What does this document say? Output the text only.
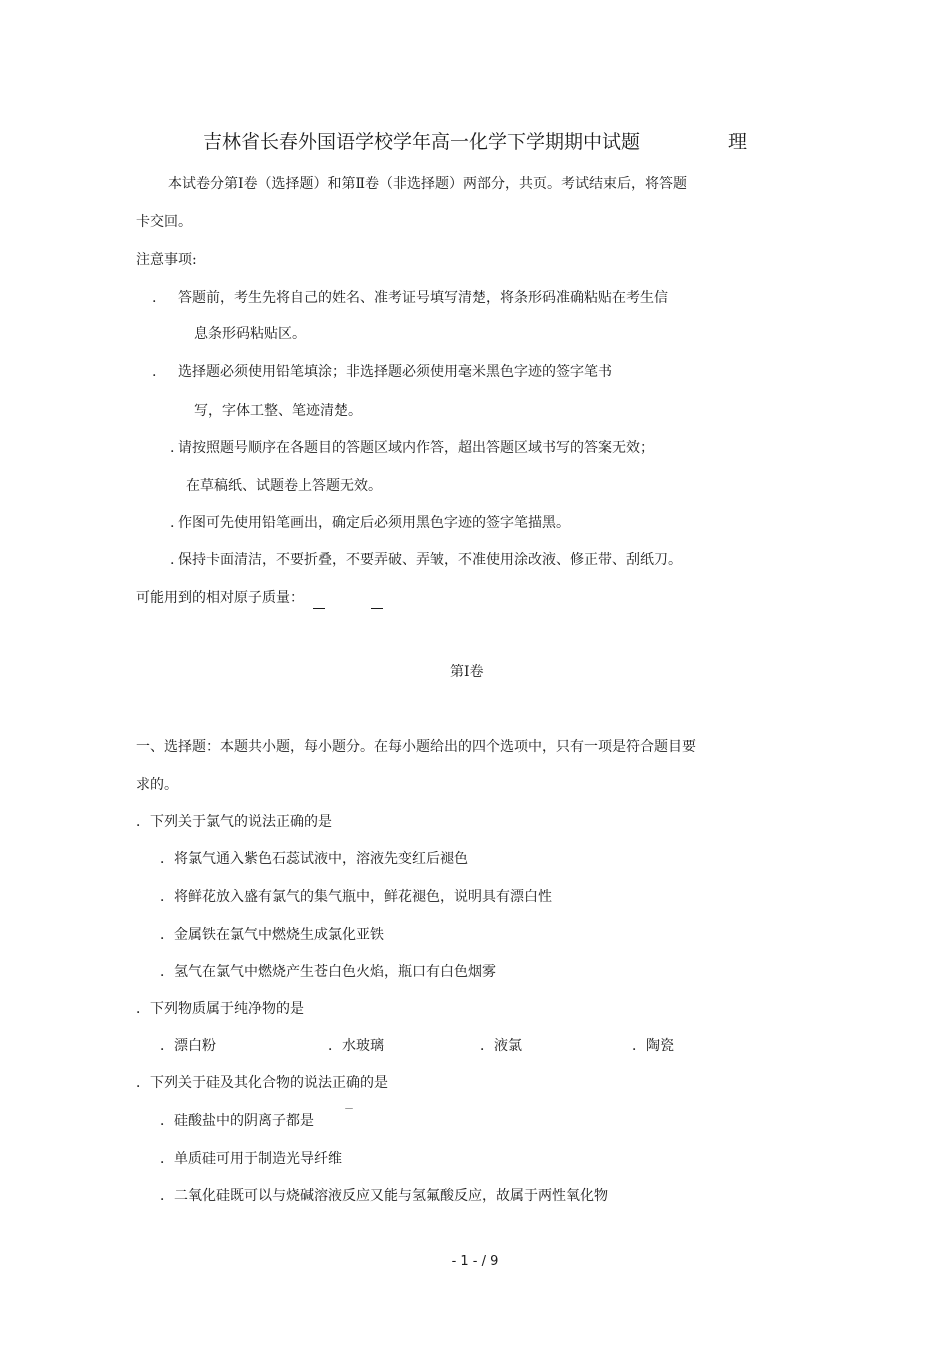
吉林省长春外国语学校学年高一化学下学期期中试题	理
本试卷分第Ⅰ卷（选择题）和第Ⅱ卷（非选择题）两部分，共页。考试结束后，将答题
卡交回。
注意事项:
. 答题前，考生先将自己的姓名、准考证号填写清楚，将条形码准确粘贴在考生信
息条形码粘贴区。
. 选择题必须使用铅笔填涂；非选择题必须使用毫米黑色字迹的签字笔书
写，字体工整、笔迹清楚。
. 请按照题号顺序在各题目的答题区域内作答，超出答题区域书写的答案无效；
在草稿纸、试题卷上答题无效。
. 作图可先使用铅笔画出，确定后必须用黑色字迹的签字笔描黑。
. 保持卡面清洁，不要折叠，不要弄破、弄皱，不准使用涂改液、修正带、刮纸刀。
可能用到的相对原子质量：
第Ⅰ卷
一、选择题：本题共小题，每小题分。在每小题给出的四个选项中，只有一项是符合题目要
求的。
．下列关于氯气的说法正确的是
．将氯气通入紫色石蕊试液中，溶液先变红后褪色
．将鲜花放入盛有氯气的集气瓶中，鲜花褪色，说明具有漂白性
．金属铁在氯气中燃烧生成氯化亚铁
．氢气在氯气中燃烧产生苍白色火焰，瓶口有白色烟雾
．下列物质属于纯净物的是
．漂白粉	．水玻璃	．液氯	．陶瓷
．下列关于硅及其化合物的说法正确的是
．硅酸盐中的阴离子都是
－
．单质硅可用于制造光导纤维
．二氧化硅既可以与烧碱溶液反应又能与氢氟酸反应，故属于两性氧化物
- 1 - / 9
